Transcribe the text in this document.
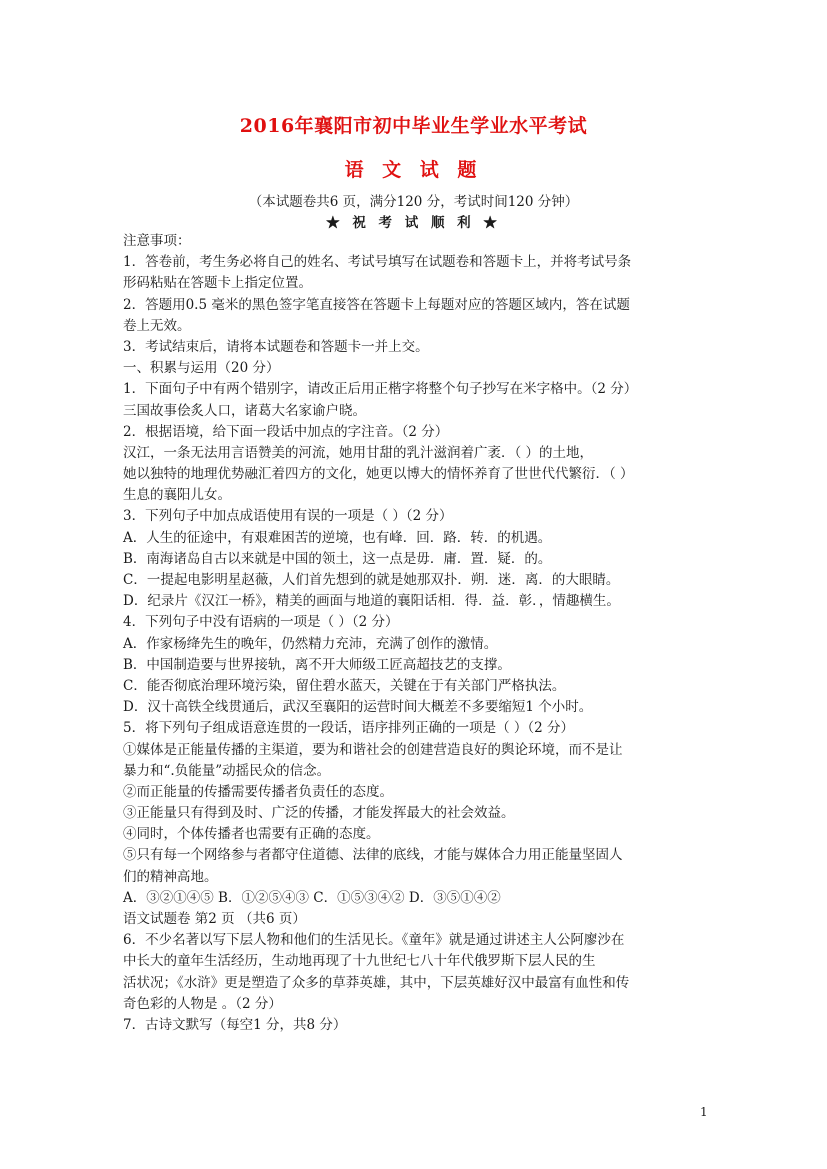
2016年襄阳市初中毕业生学业水平考试
语 文 试 题
（本试题卷共6 页，满分120 分，考试时间120 分钟）
★ 祝 考 试 顺 利 ★
注意事项：
1．答卷前，考生务必将自己的姓名、考试号填写在试题卷和答题卡上，并将考试号条
形码粘贴在答题卡上指定位置。
2．答题用0.5 毫米的黑色签字笔直接答在答题卡上每题对应的答题区域内，答在试题
卷上无效。
3．考试结束后，请将本试题卷和答题卡一并上交。
一、积累与运用（20 分）
1．下面句子中有两个错别字，请改正后用正楷字将整个句子抄写在米字格中。（2 分）
三国故事侩炙人口，诸葛大名家谕户晓。
2．根据语境，给下面一段话中加点的字注音。（2 分）
汉江，一条无法用言语赞美的河流，她用甘甜的乳汁滋润着广袤．（ ）的土地，
她以独特的地理优势融汇着四方的文化，她更以博大的情怀养育了世世代代繁衍．（ ）
生息的襄阳儿女。
3．下列句子中加点成语使用有误的一项是（ ）（2 分）
A．人生的征途中，有艰难困苦的逆境，也有峰．回．路．转．的机遇。
B．南海诸岛自古以来就是中国的领土，这一点是毋．庸．置．疑．的。
C．一提起电影明星赵薇，人们首先想到的就是她那双扑．朔．迷．离．的大眼睛。
D．纪录片《汉江一桥》，精美的画面与地道的襄阳话相．得．益．彰．，情趣横生。
4．下列句子中没有语病的一项是（ ）（2 分）
A．作家杨绛先生的晚年，仍然精力充沛，充满了创作的激情。
B．中国制造要与世界接轨，离不开大师级工匠高超技艺的支撑。
C．能否彻底治理环境污染，留住碧水蓝天，关键在于有关部门严格执法。
D．汉十高铁全线贯通后，武汉至襄阳的运营时间大概差不多要缩短1 个小时。
5．将下列句子组成语意连贯的一段话，语序排列正确的一项是（ ）（2 分）
①媒体是正能量传播的主渠道，要为和谐社会的创建营造良好的舆论环境，而不是让
暴力和“.负能量”动摇民众的信念。
②而正能量的传播需要传播者负责任的态度。
③正能量只有得到及时、广泛的传播，才能发挥最大的社会效益。
④同时，个体传播者也需要有正确的态度。
⑤只有每一个网络参与者都守住道德、法律的底线，才能与媒体合力用正能量坚固人
们的精神高地。
A．③②①④⑤ B．①②⑤④③ C．①⑤③④② D．③⑤①④②
语文试题卷 第2 页 （共6 页）
6．不少名著以写下层人物和他们的生活见长。《童年》就是通过讲述主人公阿廖沙在
中长大的童年生活经历，生动地再现了十九世纪七八十年代俄罗斯下层人民的生
活状况；《水浒》更是塑造了众多的草莽英雄，其中，下层英雄好汉中最富有血性和传
奇色彩的人物是 。（2 分）
7．古诗文默写（每空1 分，共8 分）
1
